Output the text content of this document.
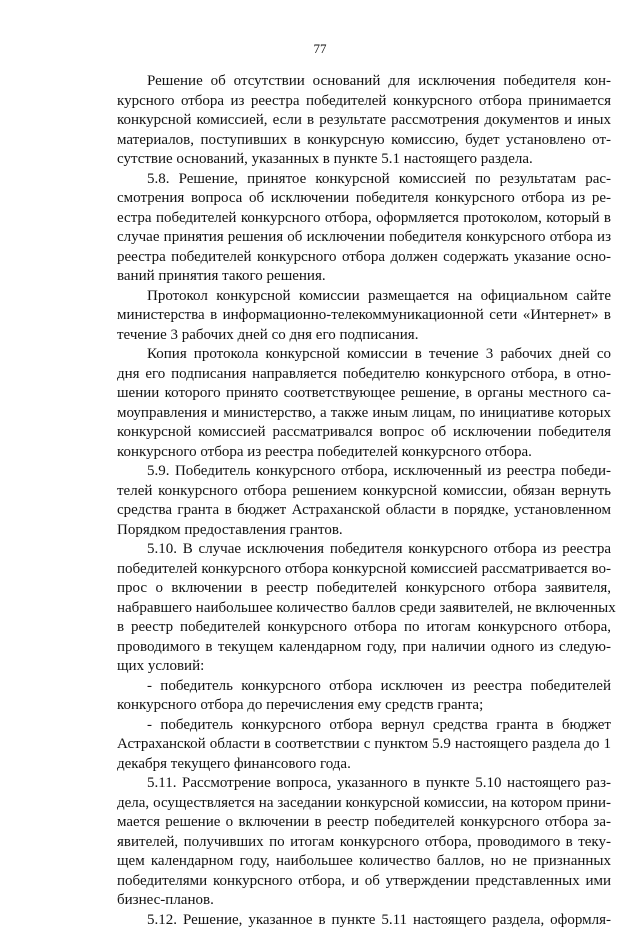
77
Решение об отсутствии оснований для исключения победителя кон-
курсного отбора из реестра победителей конкурсного отбора принимается
конкурсной комиссией, если в результате рассмотрения документов и иных
материалов, поступивших в конкурсную комиссию, будет установлено от-
сутствие оснований, указанных в пункте 5.1 настоящего раздела.
5.8. Решение, принятое конкурсной комиссией по результатам рас-
смотрения вопроса об исключении победителя конкурсного отбора из ре-
естра победителей конкурсного отбора, оформляется протоколом, который в
случае принятия решения об исключении победителя конкурсного отбора из
реестра победителей конкурсного отбора должен содержать указание осно-
ваний принятия такого решения.
Протокол конкурсной комиссии размещается на официальном сайте
министерства в информационно-телекоммуникационной сети «Интернет» в
течение 3 рабочих дней со дня его подписания.
Копия протокола конкурсной комиссии в течение 3 рабочих дней со
дня его подписания направляется победителю конкурсного отбора, в отно-
шении которого принято соответствующее решение, в органы местного са-
моуправления и министерство, а также иным лицам, по инициативе которых
конкурсной комиссией рассматривался вопрос об исключении победителя
конкурсного отбора из реестра победителей конкурсного отбора.
5.9. Победитель конкурсного отбора, исключенный из реестра победи-
телей конкурсного отбора решением конкурсной комиссии, обязан вернуть
средства гранта в бюджет Астраханской области в порядке, установленном
Порядком предоставления грантов.
5.10. В случае исключения победителя конкурсного отбора из реестра
победителей конкурсного отбора конкурсной комиссией рассматривается во-
прос о включении в реестр победителей конкурсного отбора заявителя,
набравшего наибольшее количество баллов среди заявителей, не включенных
в реестр победителей конкурсного отбора по итогам конкурсного отбора,
проводимого в текущем календарном году, при наличии одного из следую-
щих условий:
- победитель конкурсного отбора исключен из реестра победителей
конкурсного отбора до перечисления ему средств гранта;
- победитель конкурсного отбора вернул средства гранта в бюджет
Астраханской области в соответствии с пунктом 5.9 настоящего раздела до 1
декабря текущего финансового года.
5.11. Рассмотрение вопроса, указанного в пункте 5.10 настоящего раз-
дела, осуществляется на заседании конкурсной комиссии, на котором прини-
мается решение о включении в реестр победителей конкурсного отбора за-
явителей, получивших по итогам конкурсного отбора, проводимого в теку-
щем календарном году, наибольшее количество баллов, но не признанных
победителями конкурсного отбора, и об утверждении представленных ими
бизнес-планов.
5.12. Решение, указанное в пункте 5.11 настоящего раздела, оформля-
